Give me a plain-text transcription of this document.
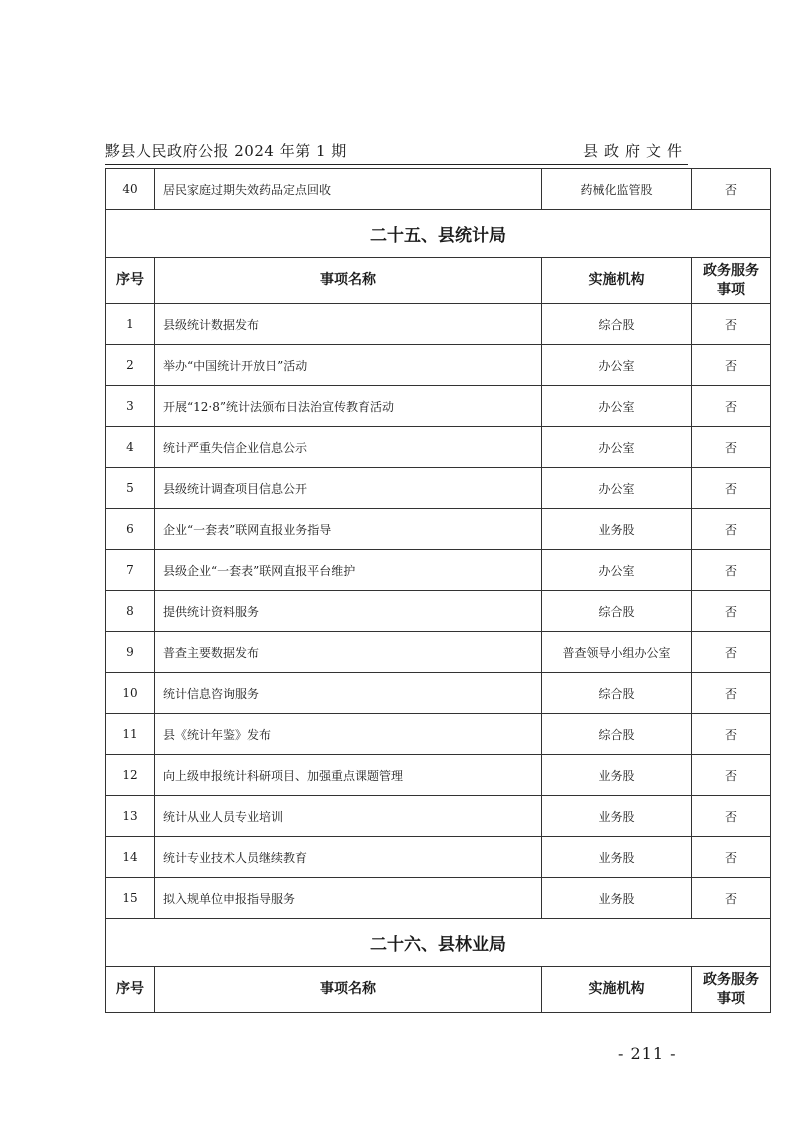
黟县人民政府公报 2024 年第 1 期	县政府文件
40	居民家庭过期失效药品定点回收	药械化监管股	否
二十五、县统计局			
序号	事项名称	实施机构	政务服务事项
1	县级统计数据发布	综合股	否
2	举办“中国统计开放日”活动	办公室	否
3	开展“12·8”统计法颁布日法治宣传教育活动	办公室	否
4	统计严重失信企业信息公示	办公室	否
5	县级统计调查项目信息公开	办公室	否
6	企业“一套表”联网直报业务指导	业务股	否
7	县级企业“一套表”联网直报平台维护	办公室	否
8	提供统计资料服务	综合股	否
9	普查主要数据发布	普查领导小组办公室	否
10	统计信息咨询服务	综合股	否
11	县《统计年鉴》发布	综合股	否
12	向上级申报统计科研项目、加强重点课题管理	业务股	否
13	统计从业人员专业培训	业务股	否
14	统计专业技术人员继续教育	业务股	否
15	拟入规单位申报指导服务	业务股	否
二十六、县林业局			
序号	事项名称	实施机构	政务服务事项
- 211 -
